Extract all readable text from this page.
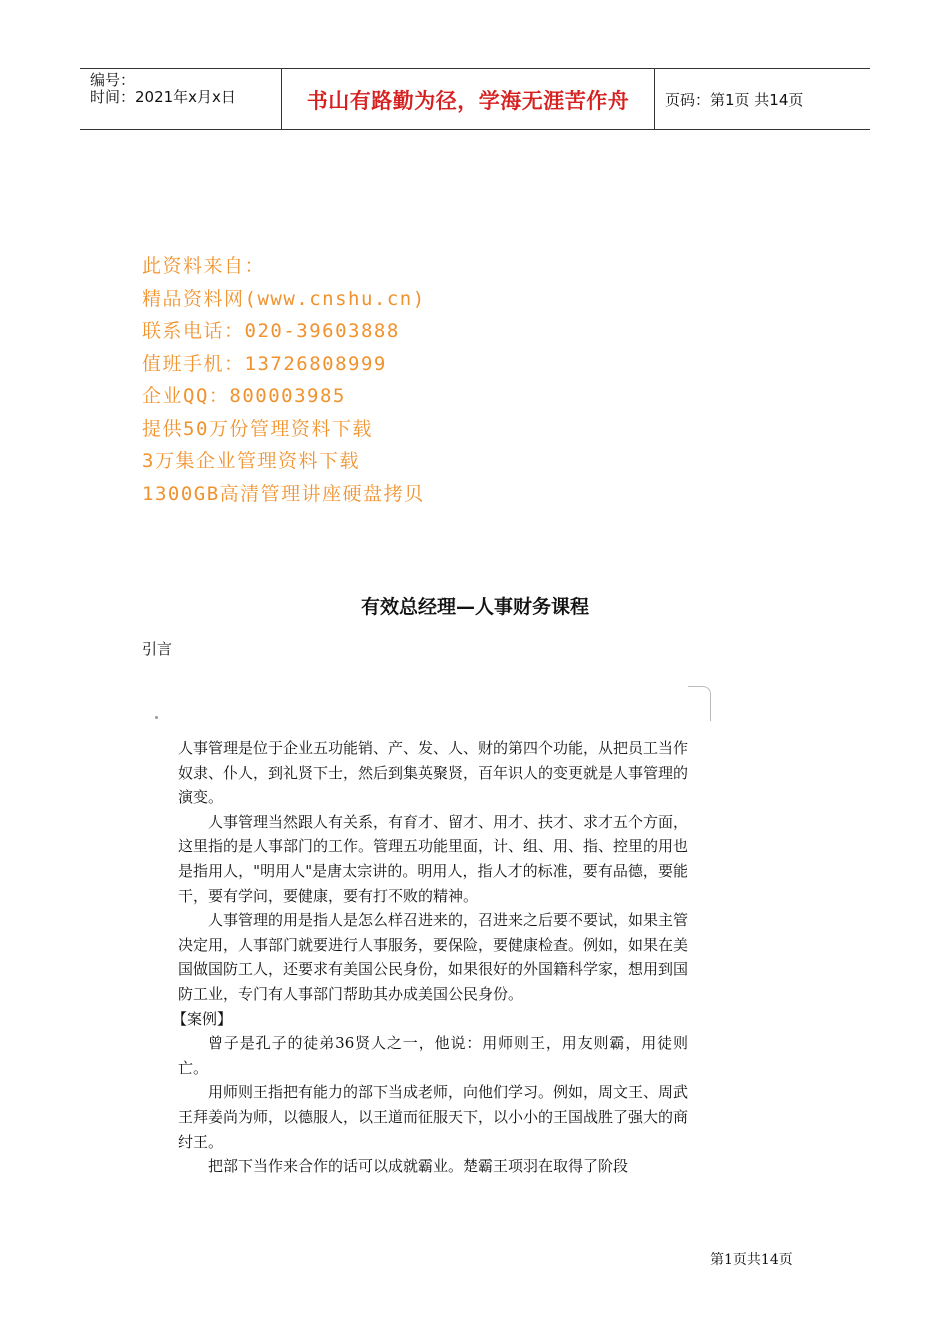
编号：
时间：2021年x月x日	书山有路勤为径，学海无涯苦作舟 页码：第1页 共14页
此资料来自：
精品资料网(www.cnshu.cn)
联系电话：020-39603888
值班手机：13726808999
企业QQ：800003985
提供50万份管理资料下载
3万集企业管理资料下载
1300GB高清管理讲座硬盘拷贝
有效总经理—人事财务课程
引言

人事管理是位于企业五功能销、产、发、人、财的第四个功能，从把员工当作奴隶、仆人，到礼贤下士，然后到集英聚贤，百年识人的变更就是人事管理的演变。

人事管理当然跟人有关系，有育才、留才、用才、扶才、求才五个方面，这里指的是人事部门的工作。管理五功能里面，计、组、用、指、控里的用也是指用人，"明用人"是唐太宗讲的。明用人，指人才的标准，要有品德，要能干，要有学问，要健康，要有打不败的精神。

人事管理的用是指人是怎么样召进来的，召进来之后要不要试，如果主管决定用，人事部门就要进行人事服务，要保险，要健康检查。例如，如果在美国做国防工人，还要求有美国公民身份，如果很好的外国籍科学家，想用到国防工业，专门有人事部门帮助其办成美国公民身份。

【案例】

曾子是孔子的徒弟36贤人之一，他说：用师则王，用友则霸，用徒则亡。

用师则王指把有能力的部下当成老师，向他们学习。例如，周文王、周武王拜姜尚为师，以德服人，以王道而征服天下，以小小的王国战胜了强大的商纣王。

把部下当作来合作的话可以成就霸业。楚霸王项羽在取得了阶段

第1页共14页
